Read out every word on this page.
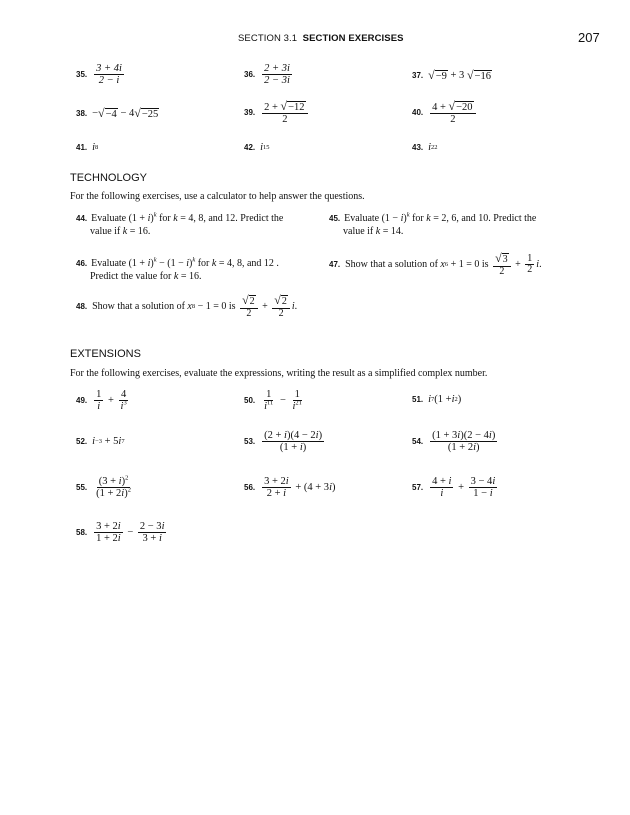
SECTION 3.1 SECTION EXERCISES	207
35. $\frac{3 + 4i}{2 - i}$	36. $\frac{2 + 3i}{2 - 3i}$	37. √−9 + 3 √−16
38. − √−4 − 4 √−25	39. $\frac{2 + √-12}{2}$	40. $\frac{4 + √-20}{2}$
41. i 8	42. i 15	43. i 22
TECHNOLOGY
For the following exercises, use a calculator to help answer the questions.
44. Evaluate $(1 + i)^k$ for k = 4, 8, and 12. Predict the
value if k = 16.
45. Evaluate $(1 - i)^k$ for k = 2, 6, and 10. Predict the
value if k = 14.
46. Evaluate $(1 + i)^k - (1 - i)^k$ for k = 4, 8, and 12 .
Predict the value for k = 16.
47. Show that a solution of x 6 + 1 = 0 is $\frac{√3}{2} + \frac{1}{2}$ i .
48. Show that a solution of x 8 − 1 = 0 is $\frac{√2}{2} + \frac{√2}{2}$ i .
EXTENSIONS
For the following exercises, evaluate the expressions, writing the result as a simplified complex number.
49. $\frac{1}{i} + \frac{4}{i^3}$	50. $\frac{1}{i^{11}} - \frac{1}{i^{21}}$	51. i 7 (1 + i 2 )
52. i −3 + 5 i 7	53. $\frac{(2 + i)(4 - 2i)}{(1 + i)}$	54. $\frac{(1 + 3i)(2 - 4i)}{(1 + 2i)}$
55. $\frac{(3 + i)^2}{(1 + 2i)^2}$	56. $\frac{3 + 2i}{2 + i} + (4 + 3$ i )	57. $\frac{4 + i}{i} + \frac{3 - 4i}{1 - i}$
58. $\frac{3 + 2i}{1 + 2i} - \frac{2 - 3i}{3 + i}$
